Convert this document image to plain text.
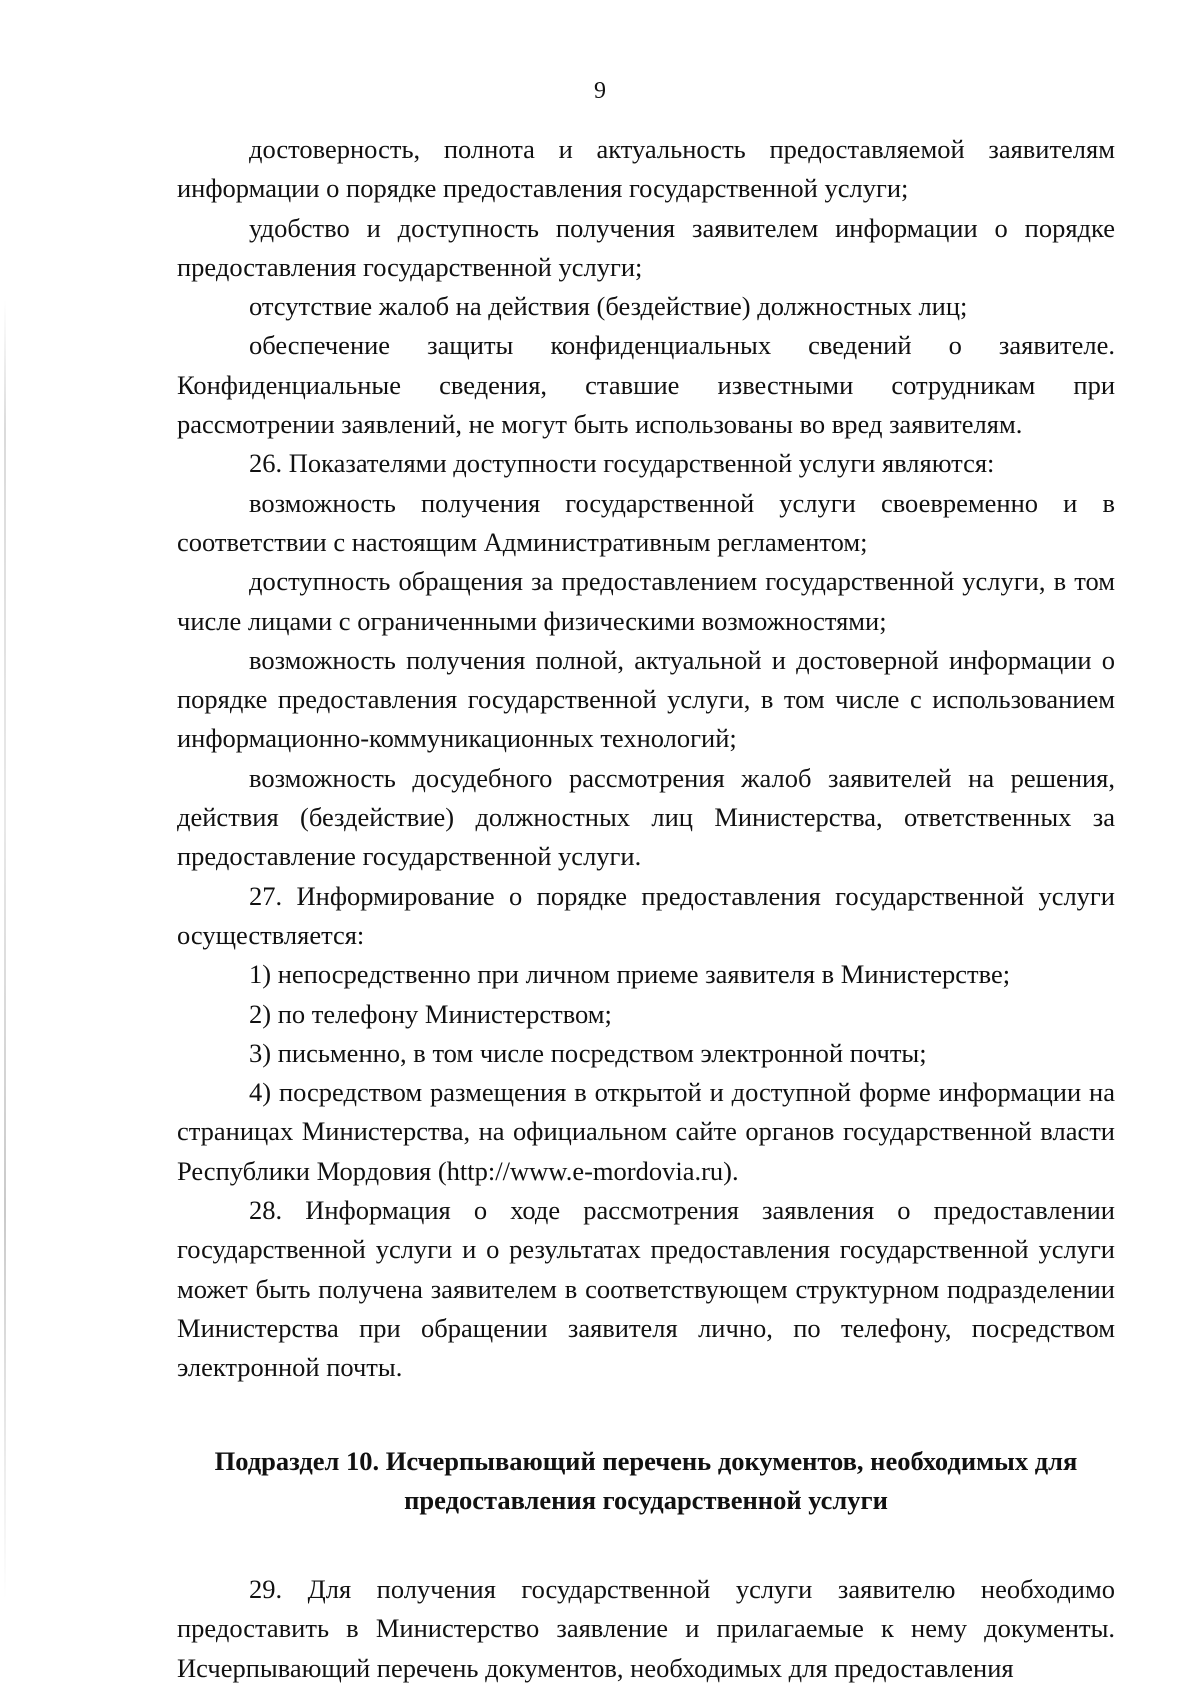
9

достоверность, полнота и актуальность предоставляемой заявителям информации о порядке предоставления государственной услуги;

удобство и доступность получения заявителем информации о порядке предоставления государственной услуги;

отсутствие жалоб на действия (бездействие) должностных лиц;

обеспечение защиты конфиденциальных сведений о заявителе. Конфиденциальные сведения, ставшие известными сотрудникам при рассмотрении заявлений, не могут быть использованы во вред заявителям.

26. Показателями доступности государственной услуги являются:

возможность получения государственной услуги своевременно и в соответствии с настоящим Административным регламентом;

доступность обращения за предоставлением государственной услуги, в том числе лицами с ограниченными физическими возможностями;

возможность получения полной, актуальной и достоверной информации о порядке предоставления государственной услуги, в том числе с использованием информационно-коммуникационных технологий;

возможность досудебного рассмотрения жалоб заявителей на решения, действия (бездействие) должностных лиц Министерства, ответственных за предоставление государственной услуги.

27. Информирование о порядке предоставления государственной услуги осуществляется:

1) непосредственно при личном приеме заявителя в Министерстве;

2) по телефону Министерством;

3) письменно, в том числе посредством электронной почты;

4) посредством размещения в открытой и доступной форме информации на страницах Министерства, на официальном сайте органов государственной власти Республики Мордовия (http://www.e-mordovia.ru).

28. Информация о ходе рассмотрения заявления о предоставлении государственной услуги и о результатах предоставления государственной услуги может быть получена заявителем в соответствующем структурном подразделении Министерства при обращении заявителя лично, по телефону, посредством электронной почты.

Подраздел 10. Исчерпывающий перечень документов, необходимых для
предоставления государственной услуги

29. Для получения государственной услуги заявителю необходимо предоставить в Министерство заявление и прилагаемые к нему документы. Исчерпывающий перечень документов, необходимых для предоставления
